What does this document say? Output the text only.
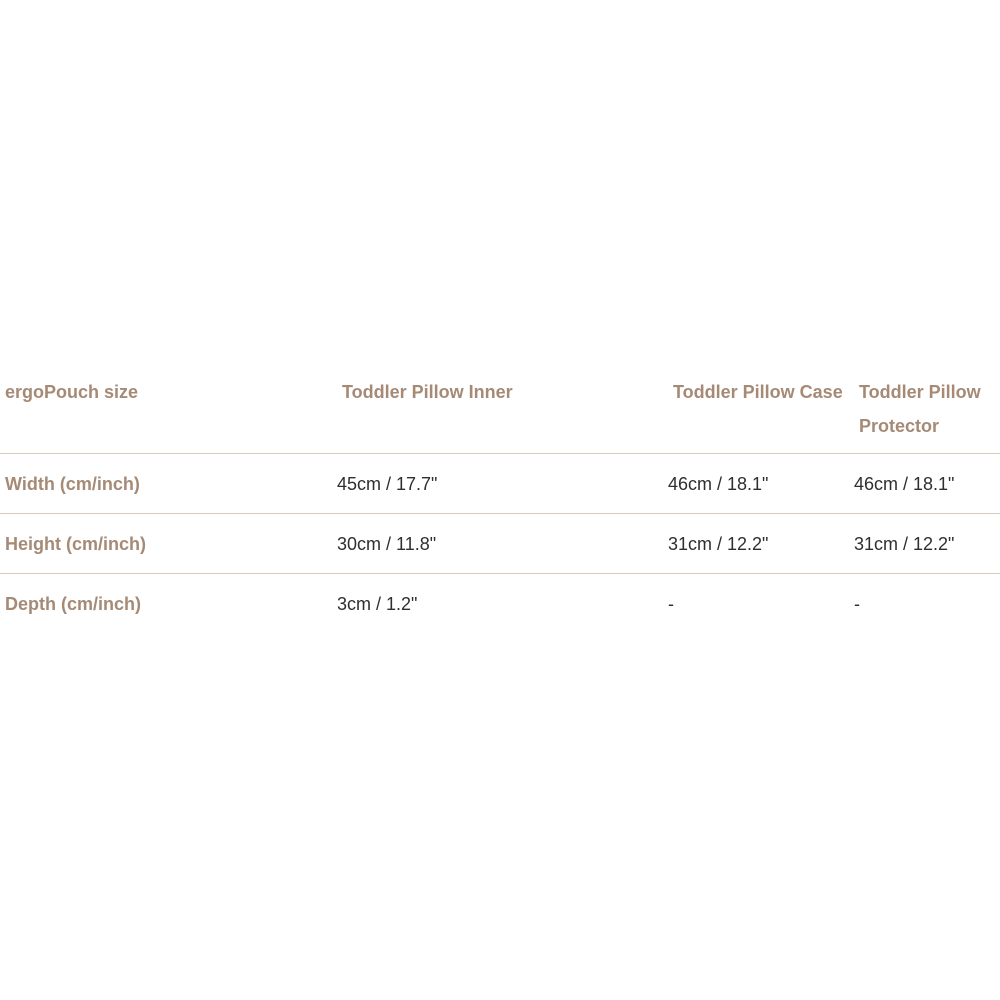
ergoPouch size	Toddler Pillow Inner	Toddler Pillow Case	Toddler Pillow Protector
Width (cm/inch)	45cm / 17.7"	46cm / 18.1"	46cm / 18.1"
Height (cm/inch)	30cm / 11.8"	31cm / 12.2"	31cm / 12.2"
Depth (cm/inch)	3cm / 1.2"	-	-
